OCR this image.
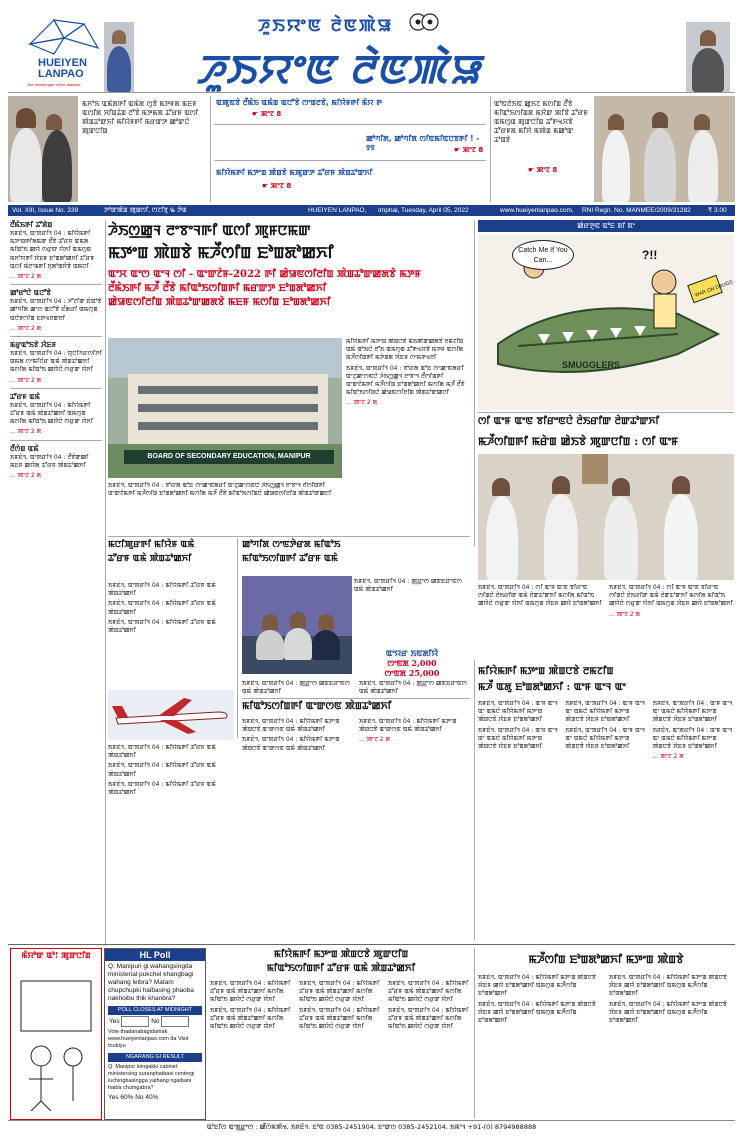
HUEIYEN
LANPAO
the messenger of the masses
ꯍꯨꯏꯌꯦꯟ ꯂꯥꯟꯄꯥꯎ
ꯍꯨꯏꯌꯦꯟ ꯂꯥꯟꯄꯥꯎ
ꯃꯈꯣꯏ ꯑꯃꯥꯗꯒꯤ ꯑꯃꯥꯗ ꯁꯨꯕꯥ ꯃꯇꯝꯗ ꯃꯐꯝ ꯑꯁꯤꯗ ꯆꯤꯡꯊꯥꯡ ꯂꯧꯕꯥ ꯃꯇꯃꯗ ꯊꯧꯔꯝ ꯑꯁꯤ ꯄꯥꯡꯊꯣꯛꯈꯤ ꯃꯤꯌꯥꯝꯒꯤ ꯃꯔꯛꯇ ꯀꯣꯛꯅꯥ ꯄꯨꯛꯅꯤꯡ
ꯑꯄꯨꯟꯕꯥ ꯂꯩꯃꯥꯏ ꯑꯃꯥꯡ ꯑꯅꯧꯕꯥ ꯁꯦꯡꯂꯕꯥ, ꯃꯤꯌꯥꯝꯒꯤ ꯃꯥꯌ ꯒ
☛ ꯄꯦꯖ 8
ꯀꯣꯚꯤꯗ, ꯀꯣꯚꯤꯗ ꯁꯤꯟꯃꯤꯟꯅꯕꯒꯤ ! - ꯱꯱	☛ ꯄꯦꯖ 8
ꯃꯤꯌꯥꯃꯒꯤ ꯃꯇꯦꯡ ꯄꯥꯡꯕꯥ ꯃꯄꯨꯛꯇ ꯊꯧꯔꯝ ꯄꯥꯡꯊꯣꯛꯈꯤ
☛ ꯄꯦꯖ 8
ꯑꯣꯟꯂꯥꯏꯟ ꯀꯨꯏꯖ ꯃꯁꯤꯡ ꯂꯩꯕꯥ ꯃꯤꯑꯣꯏꯁꯤꯡꯗ ꯃꯆꯥꯛ ꯄꯤꯕꯥ ꯊꯧꯔꯝ ꯑꯃꯁꯨꯡ ꯄꯨꯛꯅꯤꯡ ꯊꯧꯒꯠꯆꯕꯥ ꯊꯧꯔꯝꯗ ꯃꯤꯆꯥ ꯃꯄꯥꯡ ꯃꯀꯣꯛ ꯊꯣꯡꯕꯥ
☛ ꯄꯦꯖ 8
Vol. XIII, Issue No. 339	ꯇꯣꯛꯄꯥꯡ ꯄꯨꯡꯁꯤ, ꯁꯖꯤꯕꯨ ꯳ ꯇꯥꯡ	HUEIYEN LANPAO, Imphal, Tuesday, April 05, 2022	www.hueiyenlanpao.com, RNI Regn. No. MANMEE/2009/31282	₹ 3.00
ꯂꯩꯃꯥꯏꯒꯤ ꯊꯧꯗꯥꯡ

ꯏꯝꯐꯥꯜ, ꯑꯦꯞꯔꯤꯜ 04 : ꯃꯤꯌꯥꯃꯒꯤ ꯃꯇꯦꯡꯒꯤꯗꯃꯛ ꯂꯩꯕꯥ ꯊꯧꯔꯝ ꯑꯃꯗ ꯃꯤꯑꯣꯏ ꯀꯌꯥ ꯁꯔꯨꯛ ꯌꯥꯈꯤ ꯑꯃꯁꯨꯡ ꯃꯈꯣꯌꯒꯤ ꯋꯥꯐꯝ ꯐꯣꯡꯗꯣꯀꯈꯤ ꯊꯧꯔꯝ ꯑꯁꯤ ꯃꯥꯂꯦꯃꯒꯤ ꯈꯨꯗꯣꯡꯆꯥꯕꯥ ꯑꯃꯅꯤ

... ꯄꯦꯖ 2 ꯗ

ꯀꯣꯔꯣꯅꯥ ꯑꯅꯧꯕꯥ

ꯏꯝꯐꯥꯜ, ꯑꯦꯞꯔꯤꯜ 04 : ꯍꯧꯖꯤꯛ ꯐꯥꯑꯣꯕꯥ ꯀꯣꯚꯤꯗ ꯀꯦꯁ ꯑꯅꯧꯕꯥ ꯐꯪꯗꯔꯤ ꯑꯃꯁꯨꯡ ꯑꯅꯥꯕꯁꯤꯡ ꯐꯒꯠꯂꯛꯂꯤ

... ꯄꯦꯖ 2 ꯗ

ꯃꯔꯨꯑꯣꯏꯕꯥ ꯋꯥꯐꯝ

ꯏꯝꯐꯥꯜ, ꯑꯦꯞꯔꯤꯜ 04 : ꯌꯨꯅꯤꯚꯔꯁꯤꯇꯤ ꯑꯃꯗ ꯁꯦꯃꯤꯅꯥꯔ ꯑꯃꯥ ꯄꯥꯡꯊꯣꯀꯈꯤ ꯃꯁꯤꯗ ꯃꯤꯑꯣꯏ ꯀꯌꯥꯅꯥ ꯁꯔꯨꯛ ꯌꯥꯈꯤ

... ꯄꯦꯖ 2 ꯗ

ꯊꯧꯔꯝ ꯑꯃꯥ

ꯏꯝꯐꯥꯜ, ꯑꯦꯞꯔꯤꯜ 04 : ꯃꯤꯌꯥꯃꯒꯤ ꯊꯧꯔꯝ ꯑꯃꯥ ꯄꯥꯡꯊꯣꯀꯈꯤ ꯑꯃꯁꯨꯡ ꯃꯁꯤꯗ ꯃꯤꯑꯣꯏ ꯀꯌꯥꯅꯥ ꯁꯔꯨꯛ ꯌꯥꯈꯤ

... ꯄꯦꯖ 2 ꯗ

ꯂꯩꯁꯥꯡ ꯑꯃꯥ

ꯏꯝꯐꯥꯜ, ꯑꯦꯞꯔꯤꯜ 04 : ꯂꯩꯕꯥꯛꯀꯤ ꯃꯐꯝ ꯀꯌꯥꯗ ꯊꯧꯔꯝ ꯄꯥꯡꯊꯣꯀꯈꯤ

... ꯄꯦꯖ 2 ꯗ

ꯍꯥꯏꯁ꯭ꯀꯨꯜ ꯂꯦꯕꯦꯜꯒꯤ ꯑꯁꯤ ꯄꯨꯝꯅꯃꯛ
ꯃꯇꯦꯡ ꯄꯥꯡꯕꯥ ꯃꯍꯩꯁꯤꯡ ꯐꯣꯡꯗꯣꯀꯈꯤ
ꯑꯦꯆ ꯑꯦꯁ ꯑꯦꯜ ꯁꯤ - ꯑꯦꯛꯖꯥꯝ-2022 ꯒꯤ ꯀꯥꯎꯟꯁꯤꯂꯤꯡ ꯄꯥꯡꯊꯣꯛꯀꯗꯕꯥ ꯃꯇꯝ
ꯂꯩꯃꯥꯏꯒꯤ ꯃꯍꯩ ꯂꯩꯕꯥ ꯃꯤꯑꯣꯏꯁꯤꯡꯒꯤ ꯃꯔꯛꯇ ꯐꯣꯡꯗꯣꯀꯈꯤ
ꯀꯥꯎꯟꯁꯤꯂꯤꯡ ꯄꯥꯡꯊꯣꯛꯀꯗꯕꯥ ꯃꯐꯝ ꯃꯁꯤꯡ ꯐꯣꯡꯗꯣꯀꯈꯤ
BOARD OF SECONDARY EDUCATION, MANIPUR

ꯃꯤꯌꯥꯃꯒꯤ ꯃꯇꯦꯡ ꯄꯥꯡꯅꯕꯥ ꯃꯥꯏꯄꯥꯛꯀꯗꯕꯥ ꯂꯃꯖꯤꯡ ꯑꯃꯥ ꯑꯣꯏꯅꯥ ꯂꯧꯏ ꯑꯃꯁꯨꯡ ꯊꯧꯒꯠꯆꯕꯥ ꯃꯇꯝ ꯑꯁꯤꯗ ꯃꯍꯩꯁꯤꯡꯒꯤ ꯃꯇꯥꯡꯗ ꯋꯥꯐꯝ ꯁꯦꯃꯒꯠꯂꯤ

ꯏꯝꯐꯥꯜ, ꯑꯦꯞꯔꯤꯜ 04 : ꯕꯣꯔꯗ ꯑꯣꯐ ꯁꯦꯀꯦꯟꯗꯔꯤ ꯑꯦꯖꯨꯀꯦꯁꯟꯅꯥ ꯍꯥꯏꯁ꯭ꯀꯨꯜ ꯂꯦꯕꯦꯜ ꯂꯩꯁꯤꯡꯒꯤ ꯑꯦꯛꯖꯥꯃꯒꯤ ꯃꯍꯩꯁꯤꯡ ꯐꯣꯡꯗꯣꯀꯈꯤ ꯃꯁꯤꯗ ꯃꯍꯩ ꯂꯩꯕꯥ ꯃꯤꯑꯣꯏꯁꯤꯡꯅꯥ ꯀꯥꯎꯟꯁꯤꯂꯤꯡ ꯄꯥꯡꯊꯣꯛꯀꯅꯤ

... ꯄꯦꯖ 2 ꯗ

ꯏꯝꯐꯥꯜ, ꯑꯦꯞꯔꯤꯜ 04 : ꯕꯣꯔꯗ ꯑꯣꯐ ꯁꯦꯀꯦꯟꯗꯔꯤ ꯑꯦꯖꯨꯀꯦꯁꯟꯅꯥ ꯍꯥꯏꯁ꯭ꯀꯨꯜ ꯂꯦꯕꯦꯜ ꯂꯩꯁꯤꯡꯒꯤ ꯑꯦꯛꯖꯥꯃꯒꯤ ꯃꯍꯩꯁꯤꯡ ꯐꯣꯡꯗꯣꯀꯈꯤ ꯃꯁꯤꯗ ꯃꯍꯩ ꯂꯩꯕꯥ ꯃꯤꯑꯣꯏꯁꯤꯡꯅꯥ ꯀꯥꯎꯟꯁꯤꯂꯤꯡ ꯄꯥꯡꯊꯣꯛꯀꯅꯤ

ꯀꯥꯔꯇꯨꯟ ꯑꯣꯐ ꯗꯤ ꯗꯦ
Catch Me If You Can...	?!!
WAR ON DRUGS
SMUGGLERS
ꯁꯤ ꯑꯦꯝ ꯑꯦꯟ ꯕꯤꯔꯦꯟꯅꯥ ꯂꯥꯏꯔꯤꯛ ꯂꯥꯛꯊꯣꯛꯈꯤ
ꯃꯍꯩꯁꯤꯡꯒꯤ ꯃꯔꯥꯡ ꯀꯥꯏꯕꯥ ꯄꯨꯛꯅꯤꯡ : ꯁꯤ ꯑꯦꯝ

ꯏꯝꯐꯥꯜ, ꯑꯦꯞꯔꯤꯜ 04 : ꯁꯤ ꯑꯦꯝ ꯑꯦꯟ ꯕꯤꯔꯦꯟ ꯁꯤꯡꯅꯥ ꯂꯥꯏꯔꯤꯛ ꯑꯃꯥ ꯂꯥꯛꯊꯣꯛꯈꯤ ꯃꯁꯤꯗ ꯃꯤꯑꯣꯏ ꯀꯌꯥꯅꯥ ꯁꯔꯨꯛ ꯌꯥꯈꯤ ꯑꯃꯁꯨꯡ ꯋꯥꯐꯝ ꯀꯌꯥ ꯐꯣꯡꯗꯣꯀꯈꯤ

ꯏꯝꯐꯥꯜ, ꯑꯦꯞꯔꯤꯜ 04 : ꯁꯤ ꯑꯦꯝ ꯑꯦꯟ ꯕꯤꯔꯦꯟ ꯁꯤꯡꯅꯥ ꯂꯥꯏꯔꯤꯛ ꯑꯃꯥ ꯂꯥꯛꯊꯣꯛꯈꯤ ꯃꯁꯤꯗ ꯃꯤꯑꯣꯏ ꯀꯌꯥꯅꯥ ꯁꯔꯨꯛ ꯌꯥꯈꯤ ꯑꯃꯁꯨꯡ ꯋꯥꯐꯝ ꯀꯌꯥ ꯐꯣꯡꯗꯣꯀꯈꯤ

... ꯄꯦꯖ 2 ꯗ

ꯃꯅꯤꯄꯨꯔꯒꯤ ꯃꯤꯌꯥꯝ ꯑꯃꯥ
ꯊꯧꯔꯝ ꯑꯃꯥ ꯄꯥꯡꯊꯣꯀꯈꯤ

ꯏꯝꯐꯥꯜ, ꯑꯦꯞꯔꯤꯜ 04 : ꯃꯤꯌꯥꯃꯒꯤ ꯊꯧꯔꯝ ꯑꯃꯥ ꯄꯥꯡꯊꯣꯀꯈꯤ

ꯏꯝꯐꯥꯜ, ꯑꯦꯞꯔꯤꯜ 04 : ꯃꯤꯌꯥꯃꯒꯤ ꯊꯧꯔꯝ ꯑꯃꯥ ꯄꯥꯡꯊꯣꯀꯈꯤ

ꯏꯝꯐꯥꯜ, ꯑꯦꯞꯔꯤꯜ 04 : ꯃꯤꯌꯥꯃꯒꯤ ꯊꯧꯔꯝ ꯑꯃꯥ ꯄꯥꯡꯊꯣꯀꯈꯤ

ꯀꯣꯚꯤꯗ ꯁꯦꯟꯇꯥꯔꯗ ꯃꯤꯑꯣꯏ
ꯃꯤꯑꯣꯏꯁꯤꯡꯒꯤ ꯊꯧꯔꯝ ꯑꯃꯥ

ꯏꯝꯐꯥꯜ, ꯑꯦꯞꯔꯤꯜ 04 : ꯄ꯭ꯔꯦꯁ ꯀꯟꯐꯔꯦꯟꯁ ꯑꯃꯥ ꯄꯥꯡꯊꯣꯀꯈꯤ

ꯑꯦꯌꯔ ꯏꯟꯗꯤꯌꯥ
ꯁꯦꯟꯗ 2,000
ꯁꯦꯟꯗ 25,000

ꯏꯝꯐꯥꯜ, ꯑꯦꯞꯔꯤꯜ 04 : ꯄ꯭ꯔꯦꯁ ꯀꯟꯐꯔꯦꯟꯁ ꯑꯃꯥ ꯄꯥꯡꯊꯣꯀꯈꯤ

ꯏꯝꯐꯥꯜ, ꯑꯦꯞꯔꯤꯜ 04 : ꯄ꯭ꯔꯦꯁ ꯀꯟꯐꯔꯦꯟꯁ ꯑꯃꯥ ꯄꯥꯡꯊꯣꯀꯈꯤ

ꯃꯤꯑꯣꯏꯁꯤꯡꯒꯤ ꯑꯦꯛꯁꯟ ꯄꯥꯡꯊꯣꯀꯈꯤ

ꯏꯝꯐꯥꯜ, ꯑꯦꯞꯔꯤꯜ 04 : ꯃꯤꯌꯥꯃꯒꯤ ꯃꯇꯦꯡ ꯄꯥꯡꯅꯕꯥ ꯑꯦꯛꯁꯟ ꯑꯃꯥ ꯄꯥꯡꯊꯣꯀꯈꯤ

ꯏꯝꯐꯥꯜ, ꯑꯦꯞꯔꯤꯜ 04 : ꯃꯤꯌꯥꯃꯒꯤ ꯃꯇꯦꯡ ꯄꯥꯡꯅꯕꯥ ꯑꯦꯛꯁꯟ ꯑꯃꯥ ꯄꯥꯡꯊꯣꯀꯈꯤ

ꯏꯝꯐꯥꯜ, ꯑꯦꯞꯔꯤꯜ 04 : ꯃꯤꯌꯥꯃꯒꯤ ꯃꯇꯦꯡ ꯄꯥꯡꯅꯕꯥ ꯑꯦꯛꯁꯟ ꯑꯃꯥ ꯄꯥꯡꯊꯣꯀꯈꯤ

... ꯄꯦꯖ 2 ꯗ

ꯏꯝꯐꯥꯜ, ꯑꯦꯞꯔꯤꯜ 04 : ꯃꯤꯌꯥꯃꯒꯤ ꯊꯧꯔꯝ ꯑꯃꯥ ꯄꯥꯡꯊꯣꯀꯈꯤ

ꯏꯝꯐꯥꯜ, ꯑꯦꯞꯔꯤꯜ 04 : ꯃꯤꯌꯥꯃꯒꯤ ꯊꯧꯔꯝ ꯑꯃꯥ ꯄꯥꯡꯊꯣꯀꯈꯤ

ꯏꯝꯐꯥꯜ, ꯑꯦꯞꯔꯤꯜ 04 : ꯃꯤꯌꯥꯃꯒꯤ ꯊꯧꯔꯝ ꯑꯃꯥ ꯄꯥꯡꯊꯣꯀꯈꯤ

ꯃꯤꯌꯥꯃꯒꯤ ꯃꯇꯦꯡ ꯄꯥꯡꯅꯕꯥ ꯂꯃꯖꯤꯡ
ꯃꯍꯩ ꯑꯗꯨ ꯐꯣꯡꯗꯣꯀꯈꯤ : ꯑꯦꯝ ꯑꯦꯜ ꯑꯦ

ꯏꯝꯐꯥꯜ, ꯑꯦꯞꯔꯤꯜ 04 : ꯑꯦꯝ ꯑꯦꯜ ꯑꯦ ꯑꯃꯅꯥ ꯃꯤꯌꯥꯃꯒꯤ ꯃꯇꯦꯡ ꯄꯥꯡꯅꯕꯥ ꯋꯥꯐꯝ ꯐꯣꯡꯗꯣꯀꯈꯤ

ꯏꯝꯐꯥꯜ, ꯑꯦꯞꯔꯤꯜ 04 : ꯑꯦꯝ ꯑꯦꯜ ꯑꯦ ꯑꯃꯅꯥ ꯃꯤꯌꯥꯃꯒꯤ ꯃꯇꯦꯡ ꯄꯥꯡꯅꯕꯥ ꯋꯥꯐꯝ ꯐꯣꯡꯗꯣꯀꯈꯤ

ꯏꯝꯐꯥꯜ, ꯑꯦꯞꯔꯤꯜ 04 : ꯑꯦꯝ ꯑꯦꯜ ꯑꯦ ꯑꯃꯅꯥ ꯃꯤꯌꯥꯃꯒꯤ ꯃꯇꯦꯡ ꯄꯥꯡꯅꯕꯥ ꯋꯥꯐꯝ ꯐꯣꯡꯗꯣꯀꯈꯤ

ꯏꯝꯐꯥꯜ, ꯑꯦꯞꯔꯤꯜ 04 : ꯑꯦꯝ ꯑꯦꯜ ꯑꯦ ꯑꯃꯅꯥ ꯃꯤꯌꯥꯃꯒꯤ ꯃꯇꯦꯡ ꯄꯥꯡꯅꯕꯥ ꯋꯥꯐꯝ ꯐꯣꯡꯗꯣꯀꯈꯤ

ꯏꯝꯐꯥꯜ, ꯑꯦꯞꯔꯤꯜ 04 : ꯑꯦꯝ ꯑꯦꯜ ꯑꯦ ꯑꯃꯅꯥ ꯃꯤꯌꯥꯃꯒꯤ ꯃꯇꯦꯡ ꯄꯥꯡꯅꯕꯥ ꯋꯥꯐꯝ ꯐꯣꯡꯗꯣꯀꯈꯤ

ꯏꯝꯐꯥꯜ, ꯑꯦꯞꯔꯤꯜ 04 : ꯑꯦꯝ ꯑꯦꯜ ꯑꯦ ꯑꯃꯅꯥ ꯃꯤꯌꯥꯃꯒꯤ ꯃꯇꯦꯡ ꯄꯥꯡꯅꯕꯥ ꯋꯥꯐꯝ ꯐꯣꯡꯗꯣꯀꯈꯤ

... ꯄꯦꯖ 2 ꯗ

ꯃꯥꯌꯣꯛ ꯑꯣ! ꯄꯨꯛꯅꯤꯡ	HL Poll
Q: Manipuri gi wahangsingda ministerial pukchel khangbagi wahang leibra? Matam chupchupki haibasing phaoba nakhoibu thik khanbra?
POLL CLOSES AT MIDNIGHT
Yes	No
Vote thadanabagidamak www.hueiyenlanpao.com da Visit toubiyu
NGARANG GI RESULT
Q: Manipur leingakki cabinet ministersing suranphatbasi centregi luchingbasingga yathang ngaibani haiba chumgabra?
Yes 60% No 40%
ꯃꯤꯌꯥꯃꯒꯤ ꯃꯇꯦꯡ ꯄꯥꯡꯅꯕꯥ ꯄꯨꯛꯅꯤꯡ
ꯃꯤꯑꯣꯏꯁꯤꯡꯒꯤ ꯊꯧꯔꯝ ꯑꯃꯥ ꯄꯥꯡꯊꯣꯀꯈꯤ

ꯏꯝꯐꯥꯜ, ꯑꯦꯞꯔꯤꯜ 04 : ꯃꯤꯌꯥꯃꯒꯤ ꯊꯧꯔꯝ ꯑꯃꯥ ꯄꯥꯡꯊꯣꯀꯈꯤ ꯃꯁꯤꯗ ꯃꯤꯑꯣꯏ ꯀꯌꯥꯅꯥ ꯁꯔꯨꯛ ꯌꯥꯈꯤ

ꯏꯝꯐꯥꯜ, ꯑꯦꯞꯔꯤꯜ 04 : ꯃꯤꯌꯥꯃꯒꯤ ꯊꯧꯔꯝ ꯑꯃꯥ ꯄꯥꯡꯊꯣꯀꯈꯤ ꯃꯁꯤꯗ ꯃꯤꯑꯣꯏ ꯀꯌꯥꯅꯥ ꯁꯔꯨꯛ ꯌꯥꯈꯤ

ꯏꯝꯐꯥꯜ, ꯑꯦꯞꯔꯤꯜ 04 : ꯃꯤꯌꯥꯃꯒꯤ ꯊꯧꯔꯝ ꯑꯃꯥ ꯄꯥꯡꯊꯣꯀꯈꯤ ꯃꯁꯤꯗ ꯃꯤꯑꯣꯏ ꯀꯌꯥꯅꯥ ꯁꯔꯨꯛ ꯌꯥꯈꯤ

ꯏꯝꯐꯥꯜ, ꯑꯦꯞꯔꯤꯜ 04 : ꯃꯤꯌꯥꯃꯒꯤ ꯊꯧꯔꯝ ꯑꯃꯥ ꯄꯥꯡꯊꯣꯀꯈꯤ ꯃꯁꯤꯗ ꯃꯤꯑꯣꯏ ꯀꯌꯥꯅꯥ ꯁꯔꯨꯛ ꯌꯥꯈꯤ

ꯏꯝꯐꯥꯜ, ꯑꯦꯞꯔꯤꯜ 04 : ꯃꯤꯌꯥꯃꯒꯤ ꯊꯧꯔꯝ ꯑꯃꯥ ꯄꯥꯡꯊꯣꯀꯈꯤ ꯃꯁꯤꯗ ꯃꯤꯑꯣꯏ ꯀꯌꯥꯅꯥ ꯁꯔꯨꯛ ꯌꯥꯈꯤ

ꯏꯝꯐꯥꯜ, ꯑꯦꯞꯔꯤꯜ 04 : ꯃꯤꯌꯥꯃꯒꯤ ꯊꯧꯔꯝ ꯑꯃꯥ ꯄꯥꯡꯊꯣꯀꯈꯤ ꯃꯁꯤꯗ ꯃꯤꯑꯣꯏ ꯀꯌꯥꯅꯥ ꯁꯔꯨꯛ ꯌꯥꯈꯤ

ꯃꯍꯩꯁꯤꯡ ꯐꯣꯡꯗꯣꯀꯈꯤ ꯃꯇꯦꯡ ꯄꯥꯡꯕꯥ

ꯏꯝꯐꯥꯜ, ꯑꯦꯞꯔꯤꯜ 04 : ꯃꯤꯌꯥꯃꯒꯤ ꯃꯇꯦꯡ ꯄꯥꯡꯅꯕꯥ ꯋꯥꯐꯝ ꯀꯌꯥ ꯐꯣꯡꯗꯣꯀꯈꯤ ꯑꯃꯁꯨꯡ ꯃꯍꯩꯁꯤꯡ ꯐꯣꯡꯗꯣꯀꯈꯤ

ꯏꯝꯐꯥꯜ, ꯑꯦꯞꯔꯤꯜ 04 : ꯃꯤꯌꯥꯃꯒꯤ ꯃꯇꯦꯡ ꯄꯥꯡꯅꯕꯥ ꯋꯥꯐꯝ ꯀꯌꯥ ꯐꯣꯡꯗꯣꯀꯈꯤ ꯑꯃꯁꯨꯡ ꯃꯍꯩꯁꯤꯡ ꯐꯣꯡꯗꯣꯀꯈꯤ

ꯏꯝꯐꯥꯜ, ꯑꯦꯞꯔꯤꯜ 04 : ꯃꯤꯌꯥꯃꯒꯤ ꯃꯇꯦꯡ ꯄꯥꯡꯅꯕꯥ ꯋꯥꯐꯝ ꯀꯌꯥ ꯐꯣꯡꯗꯣꯀꯈꯤ ꯑꯃꯁꯨꯡ ꯃꯍꯩꯁꯤꯡ ꯐꯣꯡꯗꯣꯀꯈꯤ

ꯏꯝꯐꯥꯜ, ꯑꯦꯞꯔꯤꯜ 04 : ꯃꯤꯌꯥꯃꯒꯤ ꯃꯇꯦꯡ ꯄꯥꯡꯅꯕꯥ ꯋꯥꯐꯝ ꯀꯌꯥ ꯐꯣꯡꯗꯣꯀꯈꯤ ꯑꯃꯁꯨꯡ ꯃꯍꯩꯁꯤꯡ ꯐꯣꯡꯗꯣꯀꯈꯤ

ꯑꯣꯐꯤꯁ ꯑꯦꯗ꯭ꯔꯦꯁ : ꯀꯩꯁꯥꯃꯄꯥꯠ, ꯏꯝꯐꯥꯜ. ꯐꯣꯟ 0385-2451904, ꯐꯦꯛꯁ 0385-2452104, ꯏꯃꯦꯜ +91-(0) 8794988888
